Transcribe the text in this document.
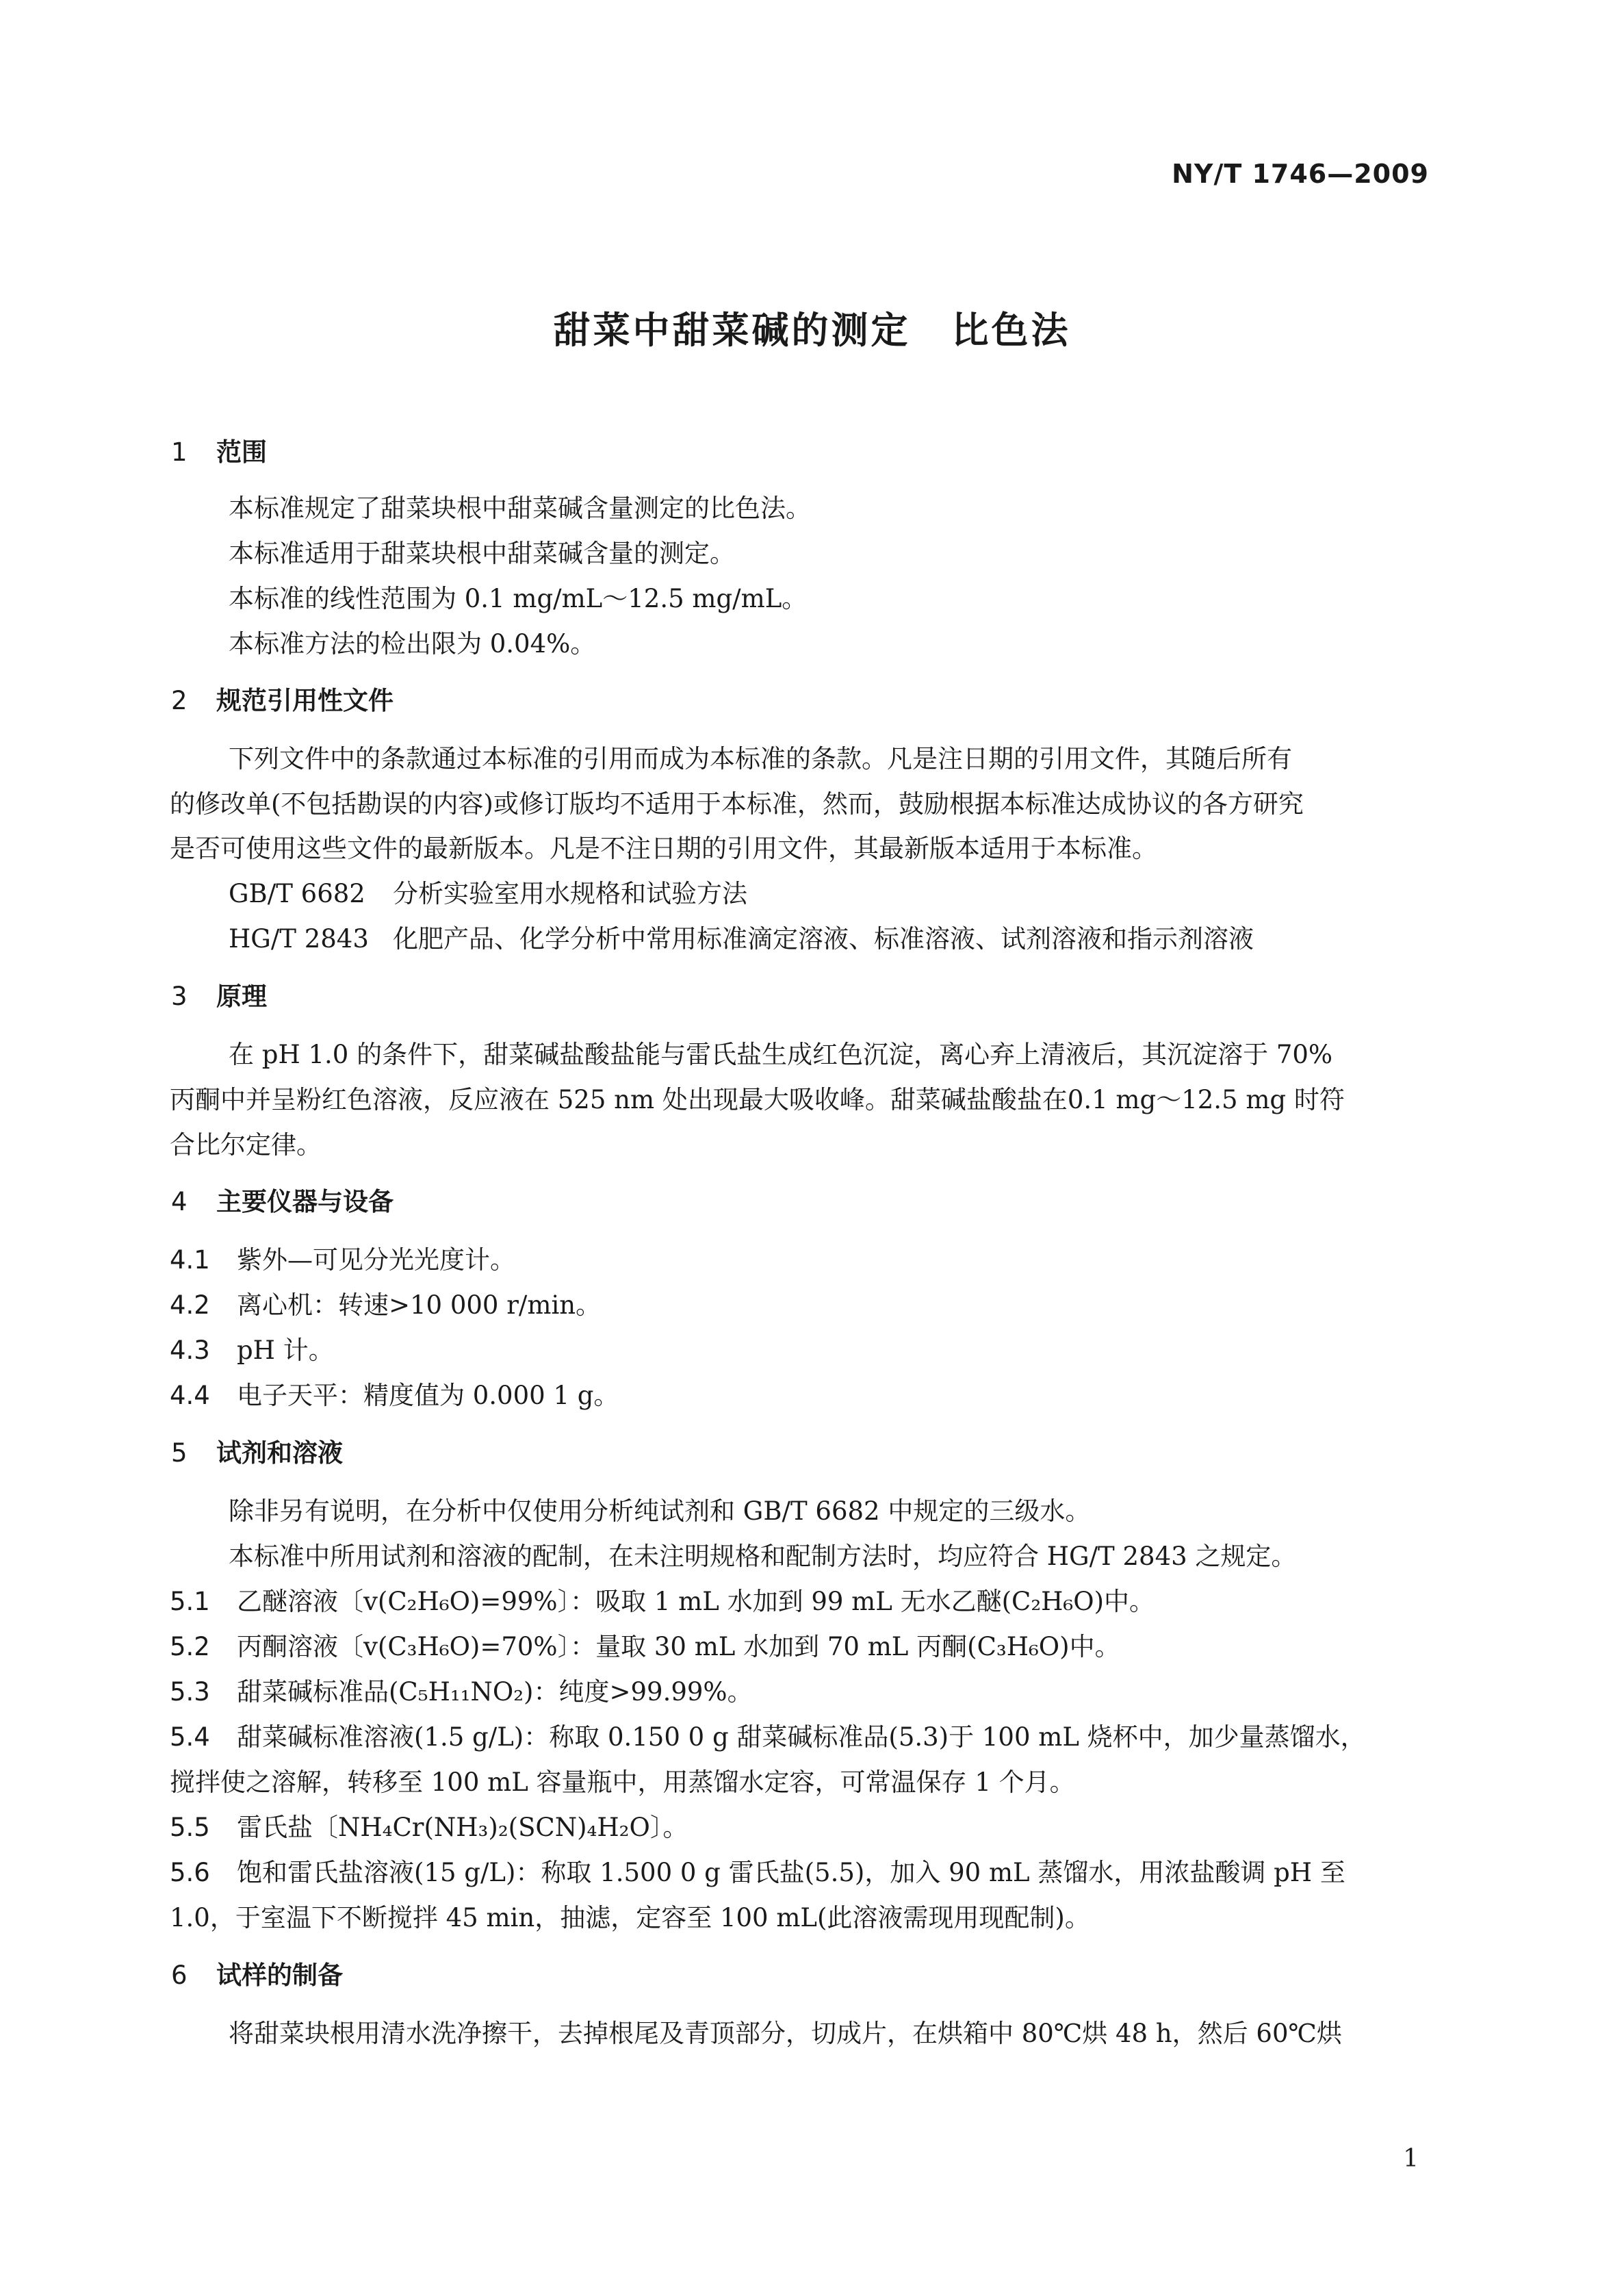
NY/T 1746—2009
甜菜中甜菜碱的测定 比色法
1 范围
本标准规定了甜菜块根中甜菜碱含量测定的比色法。
本标准适用于甜菜块根中甜菜碱含量的测定。
本标准的线性范围为 0.1 mg/mL～12.5 mg/mL。
本标准方法的检出限为 0.04%。
2 规范引用性文件
下列文件中的条款通过本标准的引用而成为本标准的条款。凡是注日期的引用文件，其随后所有
的修改单(不包括勘误的内容)或修订版均不适用于本标准，然而，鼓励根据本标准达成协议的各方研究
是否可使用这些文件的最新版本。凡是不注日期的引用文件，其最新版本适用于本标准。
GB/T 6682 分析实验室用水规格和试验方法
HG/T 2843 化肥产品、化学分析中常用标准滴定溶液、标准溶液、试剂溶液和指示剂溶液
3 原理
在 pH 1.0 的条件下，甜菜碱盐酸盐能与雷氏盐生成红色沉淀，离心弃上清液后，其沉淀溶于 70%
丙酮中并呈粉红色溶液，反应液在 525 nm 处出现最大吸收峰。甜菜碱盐酸盐在0.1 mg～12.5 mg 时符
合比尔定律。
4 主要仪器与设备
4.1 紫外—可见分光光度计。
4.2 离心机：转速>10 000 r/min。
4.3 pH 计。
4.4 电子天平：精度值为 0.000 1 g。
5 试剂和溶液
除非另有说明，在分析中仅使用分析纯试剂和 GB/T 6682 中规定的三级水。
本标准中所用试剂和溶液的配制，在未注明规格和配制方法时，均应符合 HG/T 2843 之规定。
5.1 乙醚溶液〔v(C₂H₆O)=99%〕：吸取 1 mL 水加到 99 mL 无水乙醚(C₂H₆O)中。
5.2 丙酮溶液〔v(C₃H₆O)=70%〕：量取 30 mL 水加到 70 mL 丙酮(C₃H₆O)中。
5.3 甜菜碱标准品(C₅H₁₁NO₂)：纯度>99.99%。
5.4 甜菜碱标准溶液(1.5 g/L)：称取 0.150 0 g 甜菜碱标准品(5.3)于 100 mL 烧杯中，加少量蒸馏水，
搅拌使之溶解，转移至 100 mL 容量瓶中，用蒸馏水定容，可常温保存 1 个月。
5.5 雷氏盐〔NH₄Cr(NH₃)₂(SCN)₄H₂O〕。
5.6 饱和雷氏盐溶液(15 g/L)：称取 1.500 0 g 雷氏盐(5.5)，加入 90 mL 蒸馏水，用浓盐酸调 pH 至
1.0，于室温下不断搅拌 45 min，抽滤，定容至 100 mL(此溶液需现用现配制)。
6 试样的制备
将甜菜块根用清水洗净擦干，去掉根尾及青顶部分，切成片，在烘箱中 80℃烘 48 h，然后 60℃烘
1
